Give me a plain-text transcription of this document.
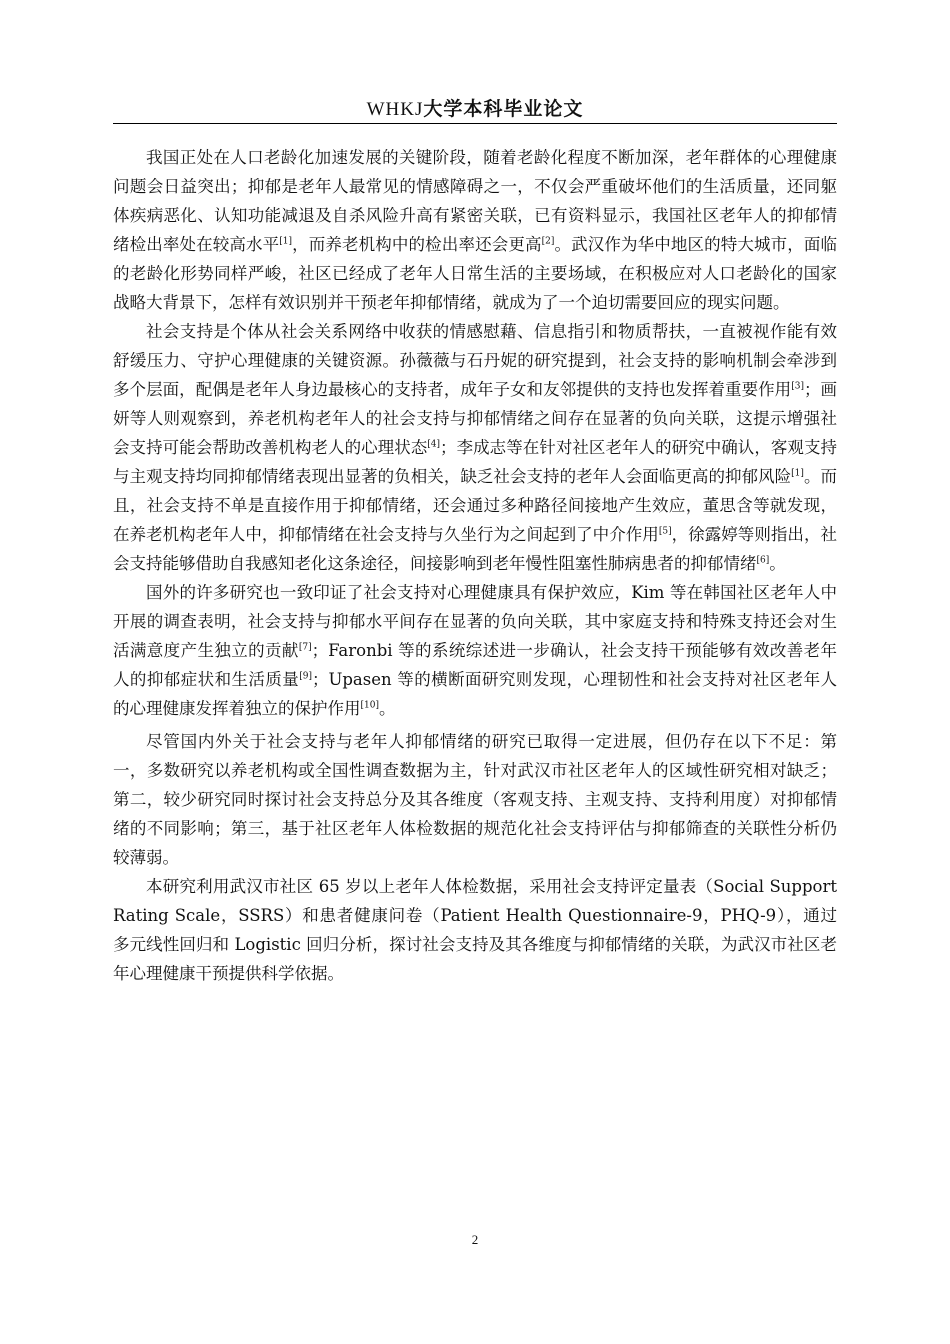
WHKJ大学本科毕业论文

我国正处在人口老龄化加速发展的关键阶段，随着老龄化程度不断加深，老年群体的心理健康问题会日益突出；抑郁是老年人最常见的情感障碍之一，不仅会严重破坏他们的生活质量，还同躯体疾病恶化、认知功能减退及自杀风险升高有紧密关联，已有资料显示，我国社区老年人的抑郁情绪检出率处在较高水平[1]，而养老机构中的检出率还会更高[2]。武汉作为华中地区的特大城市，面临的老龄化形势同样严峻，社区已经成了老年人日常生活的主要场域，在积极应对人口老龄化的国家战略大背景下，怎样有效识别并干预老年抑郁情绪，就成为了一个迫切需要回应的现实问题。

社会支持是个体从社会关系网络中收获的情感慰藉、信息指引和物质帮扶，一直被视作能有效舒缓压力、守护心理健康的关键资源。孙薇薇与石丹妮的研究提到，社会支持的影响机制会牵涉到多个层面，配偶是老年人身边最核心的支持者，成年子女和友邻提供的支持也发挥着重要作用[3]；画妍等人则观察到，养老机构老年人的社会支持与抑郁情绪之间存在显著的负向关联，这提示增强社会支持可能会帮助改善机构老人的心理状态[4]；李成志等在针对社区老年人的研究中确认，客观支持与主观支持均同抑郁情绪表现出显著的负相关，缺乏社会支持的老年人会面临更高的抑郁风险[1]。而且，社会支持不单是直接作用于抑郁情绪，还会通过多种路径间接地产生效应，董思含等就发现，在养老机构老年人中，抑郁情绪在社会支持与久坐行为之间起到了中介作用[5]，徐露婷等则指出，社会支持能够借助自我感知老化这条途径，间接影响到老年慢性阻塞性肺病患者的抑郁情绪[6]。

国外的许多研究也一致印证了社会支持对心理健康具有保护效应，Kim 等在韩国社区老年人中开展的调查表明，社会支持与抑郁水平间存在显著的负向关联，其中家庭支持和特殊支持还会对生活满意度产生独立的贡献[7]；Faronbi 等的系统综述进一步确认，社会支持干预能够有效改善老年人的抑郁症状和生活质量[9]；Upasen 等的横断面研究则发现，心理韧性和社会支持对社区老年人的心理健康发挥着独立的保护作用[10]。

尽管国内外关于社会支持与老年人抑郁情绪的研究已取得一定进展，但仍存在以下不足：第一，多数研究以养老机构或全国性调查数据为主，针对武汉市社区老年人的区域性研究相对缺乏；第二，较少研究同时探讨社会支持总分及其各维度（客观支持、主观支持、支持利用度）对抑郁情绪的不同影响；第三，基于社区老年人体检数据的规范化社会支持评估与抑郁筛查的关联性分析仍较薄弱。

本研究利用武汉市社区 65 岁以上老年人体检数据，采用社会支持评定量表（Social Support Rating Scale，SSRS）和患者健康问卷（Patient Health Questionnaire-9，PHQ-9），通过多元线性回归和 Logistic 回归分析，探讨社会支持及其各维度与抑郁情绪的关联，为武汉市社区老年心理健康干预提供科学依据。

2
